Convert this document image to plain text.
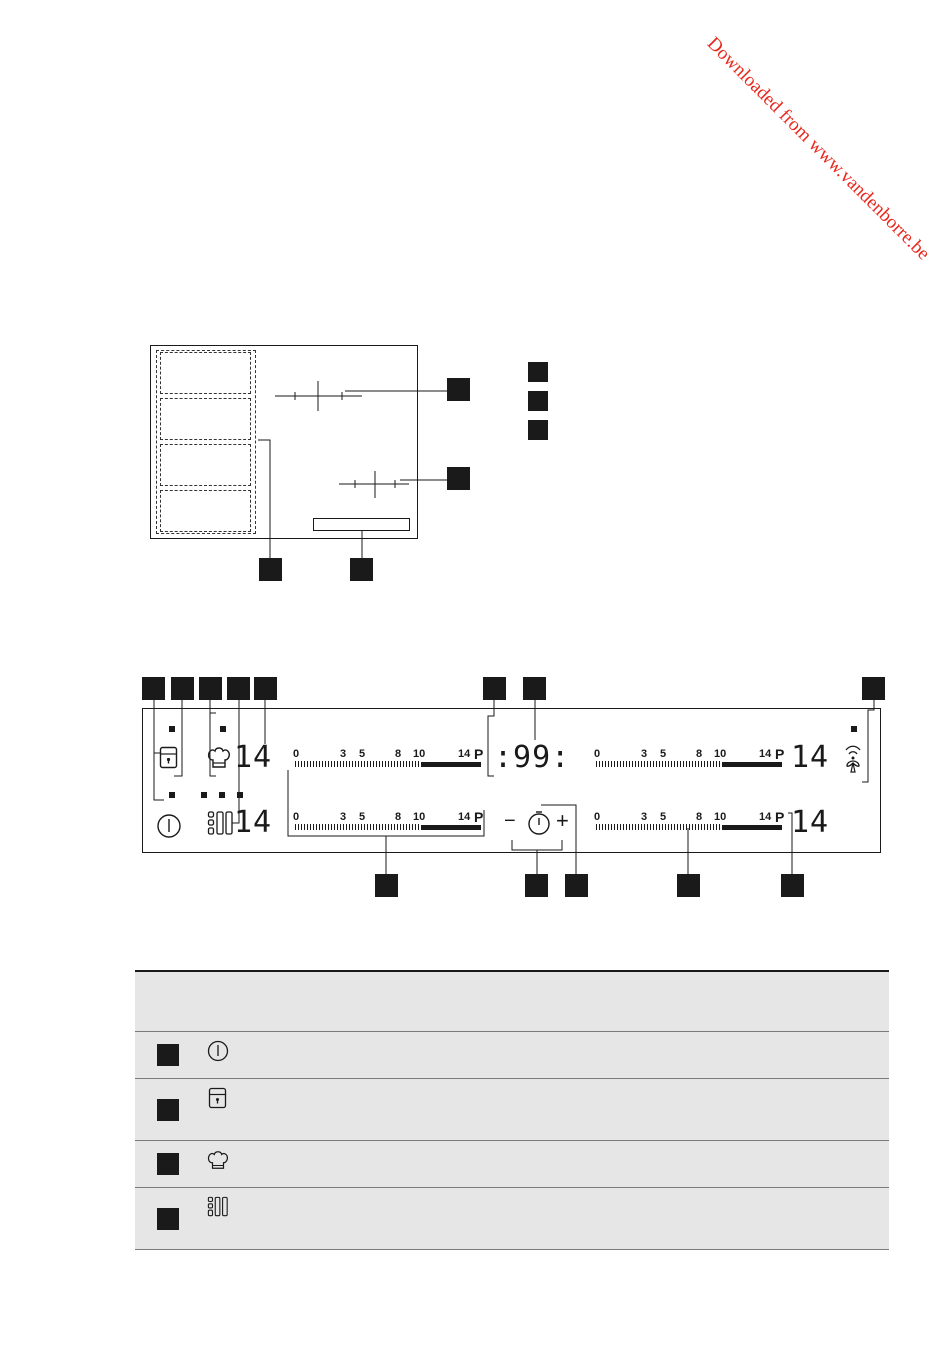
Downloaded from www.vandenborre.be
14
14
14
14
:99:
0	3 5	8 10	14 P
0	3 5	8 10	14 P
0	3 5	8 10	14 P
0	3 5	8 10	14 P
− +
